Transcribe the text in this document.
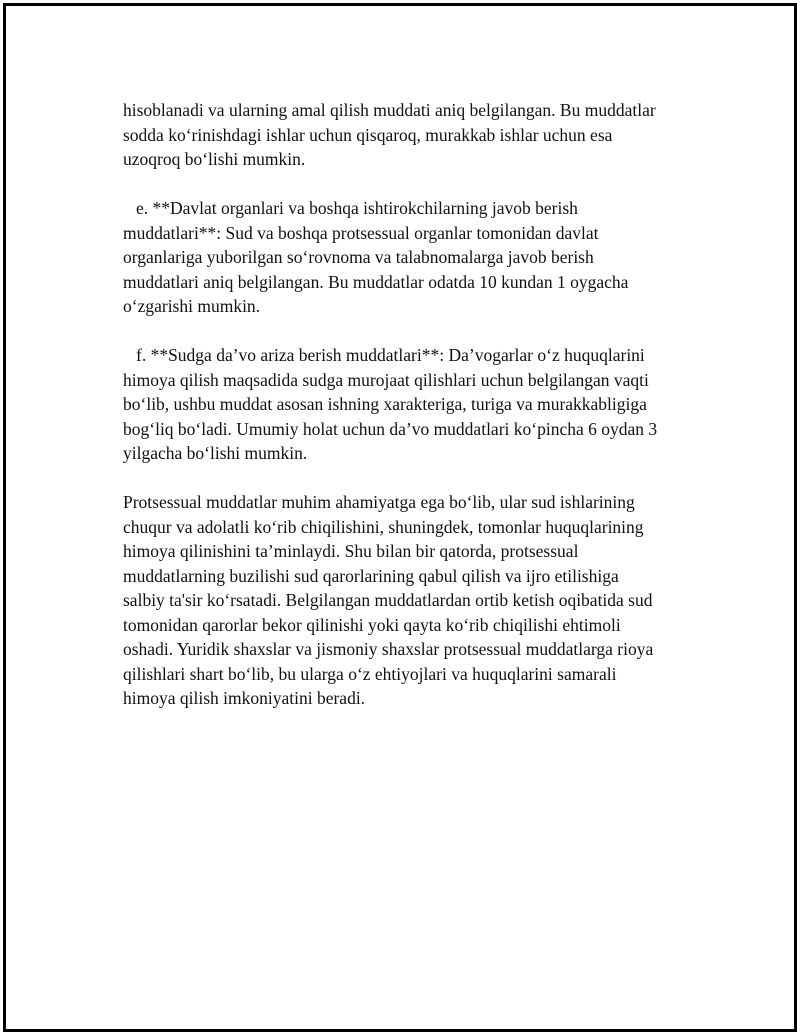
hisoblanadi va ularning amal qilish muddati aniq belgilangan. Bu muddatlar
sodda ko‘rinishdagi ishlar uchun qisqaroq, murakkab ishlar uchun esa
uzoqroq bo‘lishi mumkin.

e. **Davlat organlari va boshqa ishtirokchilarning javob berish
muddatlari**: Sud va boshqa protsessual organlar tomonidan davlat
organlariga yuborilgan so‘rovnoma va talabnomalarga javob berish
muddatlari aniq belgilangan. Bu muddatlar odatda 10 kundan 1 oygacha
o‘zgarishi mumkin.

f. **Sudga da’vo ariza berish muddatlari**: Da’vogarlar o‘z huquqlarini
himoya qilish maqsadida sudga murojaat qilishlari uchun belgilangan vaqti
bo‘lib, ushbu muddat asosan ishning xarakteriga, turiga va murakkabligiga
bog‘liq bo‘ladi. Umumiy holat uchun da’vo muddatlari ko‘pincha 6 oydan 3
yilgacha bo‘lishi mumkin.

Protsessual muddatlar muhim ahamiyatga ega bo‘lib, ular sud ishlarining
chuqur va adolatli ko‘rib chiqilishini, shuningdek, tomonlar huquqlarining
himoya qilinishini ta’minlaydi. Shu bilan bir qatorda, protsessual
muddatlarning buzilishi sud qarorlarining qabul qilish va ijro etilishiga
salbiy ta'sir ko‘rsatadi. Belgilangan muddatlardan ortib ketish oqibatida sud
tomonidan qarorlar bekor qilinishi yoki qayta ko‘rib chiqilishi ehtimoli
oshadi. Yuridik shaxslar va jismoniy shaxslar protsessual muddatlarga rioya
qilishlari shart bo‘lib, bu ularga o‘z ehtiyojlari va huquqlarini samarali
himoya qilish imkoniyatini beradi.
